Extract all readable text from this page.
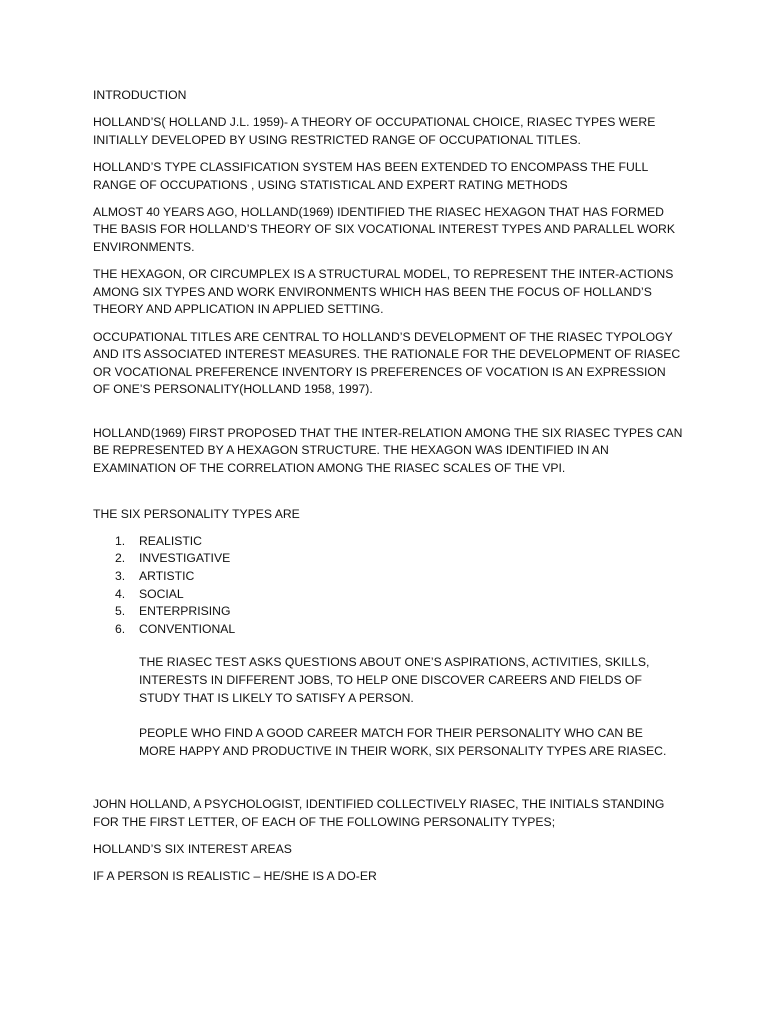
INTRODUCTION

HOLLAND’S( HOLLAND J.L. 1959)- A THEORY OF OCCUPATIONAL CHOICE, RIASEC TYPES WERE INITIALLY DEVELOPED BY USING RESTRICTED RANGE OF OCCUPATIONAL TITLES.

HOLLAND’S TYPE CLASSIFICATION SYSTEM HAS BEEN EXTENDED TO ENCOMPASS THE FULL RANGE OF OCCUPATIONS , USING STATISTICAL AND EXPERT RATING METHODS

ALMOST 40 YEARS AGO, HOLLAND(1969) IDENTIFIED THE RIASEC HEXAGON THAT HAS FORMED THE BASIS FOR HOLLAND’S THEORY OF SIX VOCATIONAL INTEREST TYPES AND PARALLEL WORK ENVIRONMENTS.

THE HEXAGON, OR CIRCUMPLEX IS A STRUCTURAL MODEL, TO REPRESENT THE INTER-ACTIONS AMONG SIX TYPES AND WORK ENVIRONMENTS WHICH HAS BEEN THE FOCUS OF HOLLAND’S THEORY AND APPLICATION IN APPLIED SETTING.

OCCUPATIONAL TITLES ARE CENTRAL TO HOLLAND’S DEVELOPMENT OF THE RIASEC TYPOLOGY AND ITS ASSOCIATED INTEREST MEASURES. THE RATIONALE FOR THE DEVELOPMENT OF RIASEC OR VOCATIONAL PREFERENCE INVENTORY IS PREFERENCES OF VOCATION IS AN EXPRESSION OF ONE’S PERSONALITY(HOLLAND 1958, 1997).

HOLLAND(1969) FIRST PROPOSED THAT THE INTER-RELATION AMONG THE SIX RIASEC TYPES CAN BE REPRESENTED BY A HEXAGON STRUCTURE. THE HEXAGON WAS IDENTIFIED IN AN EXAMINATION OF THE CORRELATION AMONG THE RIASEC SCALES OF THE VPI.

THE SIX PERSONALITY TYPES ARE

1. REALISTIC
2. INVESTIGATIVE
3. ARTISTIC
4. SOCIAL
5. ENTERPRISING
6. CONVENTIONAL

THE RIASEC TEST ASKS QUESTIONS ABOUT ONE’S ASPIRATIONS, ACTIVITIES, SKILLS, INTERESTS IN DIFFERENT JOBS, TO HELP ONE DISCOVER CAREERS AND FIELDS OF STUDY THAT IS LIKELY TO SATISFY A PERSON.

PEOPLE WHO FIND A GOOD CAREER MATCH FOR THEIR PERSONALITY WHO CAN BE MORE HAPPY AND PRODUCTIVE IN THEIR WORK, SIX PERSONALITY TYPES ARE RIASEC.

JOHN HOLLAND, A PSYCHOLOGIST, IDENTIFIED COLLECTIVELY RIASEC, THE INITIALS STANDING FOR THE FIRST LETTER, OF EACH OF THE FOLLOWING PERSONALITY TYPES;

HOLLAND’S SIX INTEREST AREAS

IF A PERSON IS REALISTIC – HE/SHE IS A DO-ER
